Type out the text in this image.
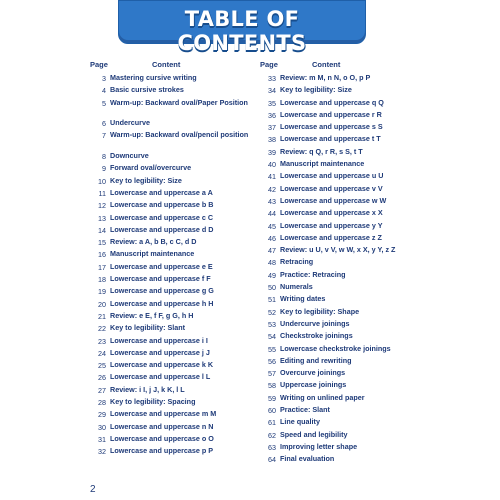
TABLE OF CONTENTS
Page	Content
3 Mastering cursive writing
4 Basic cursive strokes
5 Warm-up: Backward oval/Paper Position
6 Undercurve
7 Warm-up: Backward oval/pencil position
8 Downcurve
9 Forward oval/overcurve
10 Key to legibility: Size
11 Lowercase and uppercase a A
12 Lowercase and uppercase b B
13 Lowercase and uppercase c C
14 Lowercase and uppercase d D
15 Review: a A, b B, c C, d D
16 Manuscript maintenance
17 Lowercase and uppercase e E
18 Lowercase and uppercase f F
19 Lowercase and uppercase g G
20 Lowercase and uppercase h H
21 Review: e E, f F, g G, h H
22 Key to legibility: Slant
23 Lowercase and uppercase i I
24 Lowercase and uppercase j J
25 Lowercase and uppercase k K
26 Lowercase and uppercase l L
27 Review: i I, j J, k K, l L
28 Key to legibility: Spacing
29 Lowercase and uppercase m M
30 Lowercase and uppercase n N
31 Lowercase and uppercase o O
32 Lowercase and uppercase p P
Page	Content
33 Review: m M, n N, o O, p P
34 Key to legibility: Size
35 Lowercase and uppercase q Q
36 Lowercase and uppercase r R
37 Lowercase and uppercase s S
38 Lowercase and uppercase t T
39 Review: q Q, r R, s S, t T
40 Manuscript maintenance
41 Lowercase and uppercase u U
42 Lowercase and uppercase v V
43 Lowercase and uppercase w W
44 Lowercase and uppercase x X
45 Lowercase and uppercase y Y
46 Lowercase and uppercase z Z
47 Review: u U, v V, w W, x X, y Y, z Z
48 Retracing
49 Practice: Retracing
50 Numerals
51 Writing dates
52 Key to legibility: Shape
53 Undercurve joinings
54 Checkstroke joinings
55 Lowercase checkstroke joinings
56 Editing and rewriting
57 Overcurve joinings
58 Uppercase joinings
59 Writing on unlined paper
60 Practice: Slant
61 Line quality
62 Speed and legibility
63 Improving letter shape
64 Final evaluation
2
